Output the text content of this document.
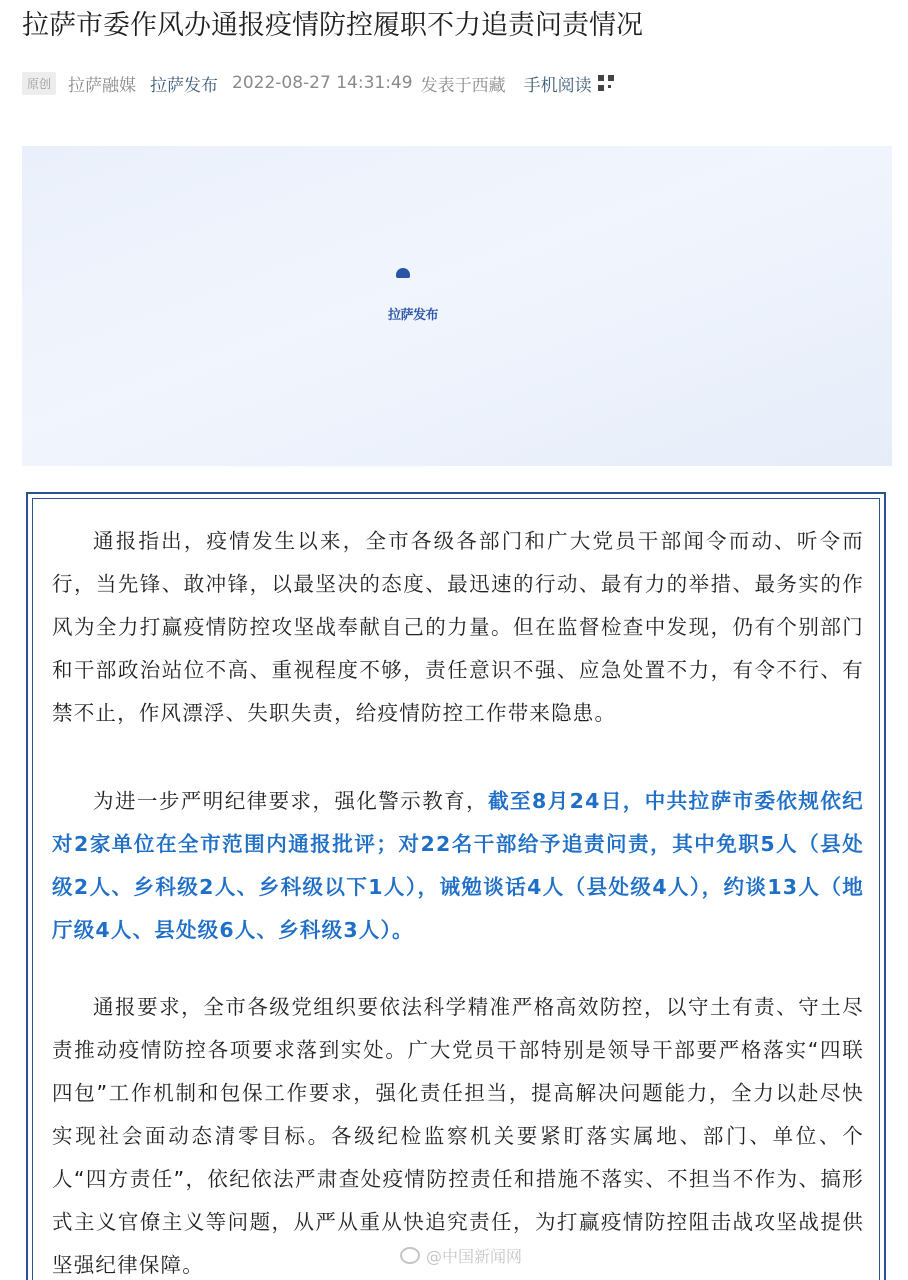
拉萨市委作风办通报疫情防控履职不力追责问责情况
原创 拉萨融媒 拉萨发布 2022-08-27 14:31:49 发表于西藏 手机阅读
拉萨发布

通报指出，疫情发生以来，全市各级各部门和广大党员干部闻令而动、听令而行，当先锋、敢冲锋，以最坚决的态度、最迅速的行动、最有力的举措、最务实的作风为全力打赢疫情防控攻坚战奉献自己的力量。但在监督检查中发现，仍有个别部门和干部政治站位不高、重视程度不够，责任意识不强、应急处置不力，有令不行、有禁不止，作风漂浮、失职失责，给疫情防控工作带来隐患。

为进一步严明纪律要求，强化警示教育，截至8月24日，中共拉萨市委依规依纪对2家单位在全市范围内通报批评；对22名干部给予追责问责，其中免职5人（县处级2人、乡科级2人、乡科级以下1人），诫勉谈话4人（县处级4人），约谈13人（地厅级4人、县处级6人、乡科级3人）。

通报要求，全市各级党组织要依法科学精准严格高效防控，以守土有责、守土尽责推动疫情防控各项要求落到实处。广大党员干部特别是领导干部要严格落实“四联四包”工作机制和包保工作要求，强化责任担当，提高解决问题能力，全力以赴尽快实现社会面动态清零目标。各级纪检监察机关要紧盯落实属地、部门、单位、个人“四方责任”，依纪依法严肃查处疫情防控责任和措施不落实、不担当不作为、搞形式主义官僚主义等问题，从严从重从快追究责任，为打赢疫情防控阻击战攻坚战提供坚强纪律保障。	@中国新闻网
